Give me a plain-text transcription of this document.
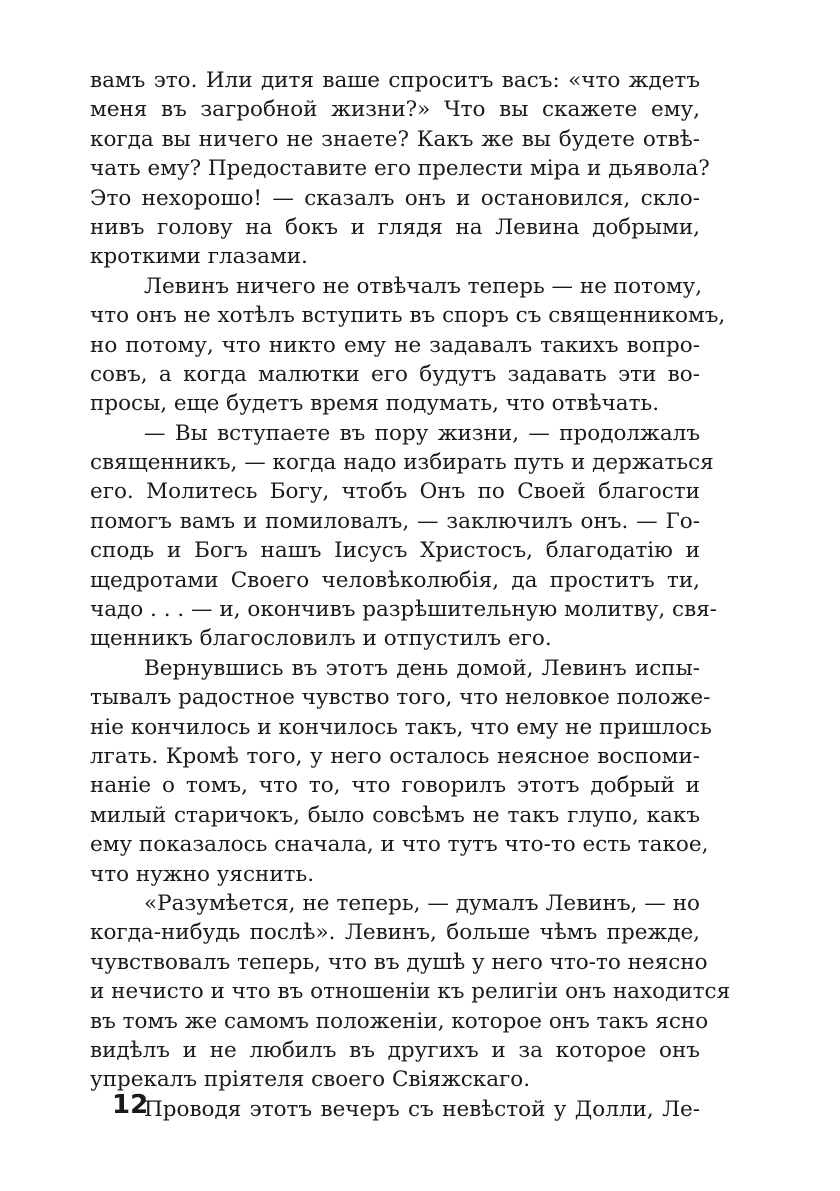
вамъ это. Или дитя ваше спроситъ васъ: «что ждетъ
меня въ загробной жизни?» Что вы скажете ему,
когда вы ничего не знаете? Какъ же вы будете отвѣ-
чать ему? Предоставите его прелести міра и дьявола?
Это нехорошо! — сказалъ онъ и остановился, скло-
нивъ голову на бокъ и глядя на Левина добрыми,
кроткими глазами.
Левинъ ничего не отвѣчалъ теперь — не потому,
что онъ не хотѣлъ вступить въ споръ съ священникомъ,
но потому, что никто ему не задавалъ такихъ вопро-
совъ, а когда малютки его будутъ задавать эти во-
просы, еще будетъ время подумать, что отвѣчать.
— Вы вступаете въ пору жизни, — продолжалъ
священникъ, — когда надо избирать путь и держаться
его. Молитесь Богу, чтобъ Онъ по Своей благости
помогъ вамъ и помиловалъ, — заключилъ онъ. — Го-
сподь и Богъ нашъ Іисусъ Христосъ, благодатію и
щедротами Своего человѣколюбія, да проститъ ти,
чадо . . . — и, окончивъ разрѣшительную молитву, свя-
щенникъ благословилъ и отпустилъ его.
Вернувшись въ этотъ день домой, Левинъ испы-
тывалъ радостное чувство того, что неловкое положе-
ніе кончилось и кончилось такъ, что ему не пришлось
лгать. Кромѣ того, у него осталось неясное воспоми-
наніе о томъ, что то, что говорилъ этотъ добрый и
милый старичокъ, было совсѣмъ не такъ глупо, какъ
ему показалось сначала, и что тутъ что-то есть такое,
что нужно уяснить.
«Разумѣется, не теперь, — думалъ Левинъ, — но
когда-нибудь послѣ». Левинъ, больше чѣмъ прежде,
чувствовалъ теперь, что въ душѣ у него что-то неясно
и нечисто и что въ отношеніи къ религіи онъ находится
въ томъ же самомъ положеніи, которое онъ такъ ясно
видѣлъ и не любилъ въ другихъ и за которое онъ
упрекалъ пріятеля своего Свіяжскаго.
Проводя этотъ вечеръ съ невѣстой у Долли, Ле-
12
